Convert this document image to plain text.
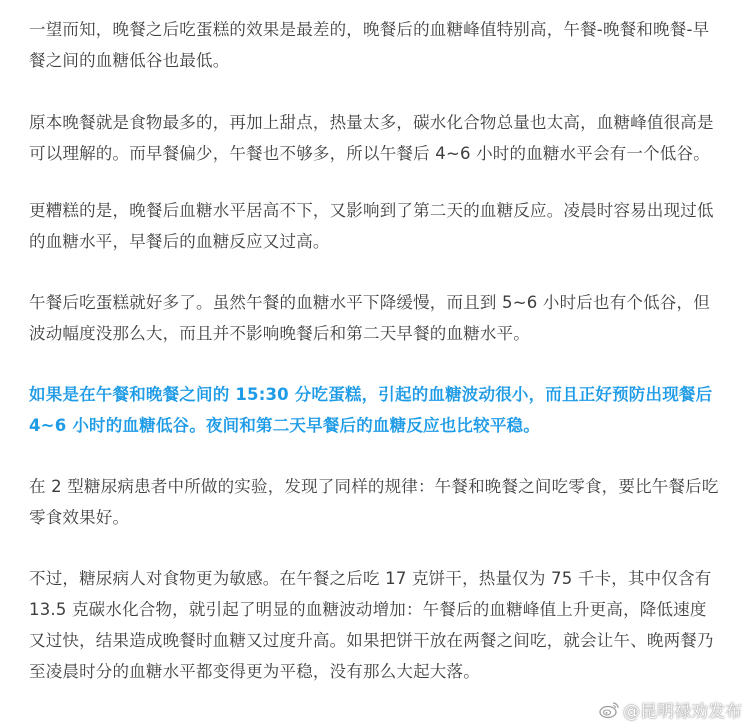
一望而知，晚餐之后吃蛋糕的效果是最差的，晚餐后的血糖峰值特别高，午餐-晚餐和晚餐-早餐之间的血糖低谷也最低。

原本晚餐就是食物最多的，再加上甜点，热量太多，碳水化合物总量也太高，血糖峰值很高是可以理解的。而早餐偏少，午餐也不够多，所以午餐后 4~6 小时的血糖水平会有一个低谷。

更糟糕的是，晚餐后血糖水平居高不下，又影响到了第二天的血糖反应。凌晨时容易出现过低的血糖水平，早餐后的血糖反应又过高。

午餐后吃蛋糕就好多了。虽然午餐的血糖水平下降缓慢，而且到 5~6 小时后也有个低谷，但波动幅度没那么大，而且并不影响晚餐后和第二天早餐的血糖水平。

如果是在午餐和晚餐之间的 15:30 分吃蛋糕，引起的血糖波动很小，而且正好预防出现餐后 4~6 小时的血糖低谷。夜间和第二天早餐后的血糖反应也比较平稳。

在 2 型糖尿病患者中所做的实验，发现了同样的规律：午餐和晚餐之间吃零食，要比午餐后吃零食效果好。

不过，糖尿病人对食物更为敏感。在午餐之后吃 17 克饼干，热量仅为 75 千卡，其中仅含有 13.5 克碳水化合物，就引起了明显的血糖波动增加：午餐后的血糖峰值上升更高，降低速度又过快，结果造成晚餐时血糖又过度升高。如果把饼干放在两餐之间吃，就会让午、晚两餐乃至凌晨时分的血糖水平都变得更为平稳，没有那么大起大落。

@昆明禄劝发布
